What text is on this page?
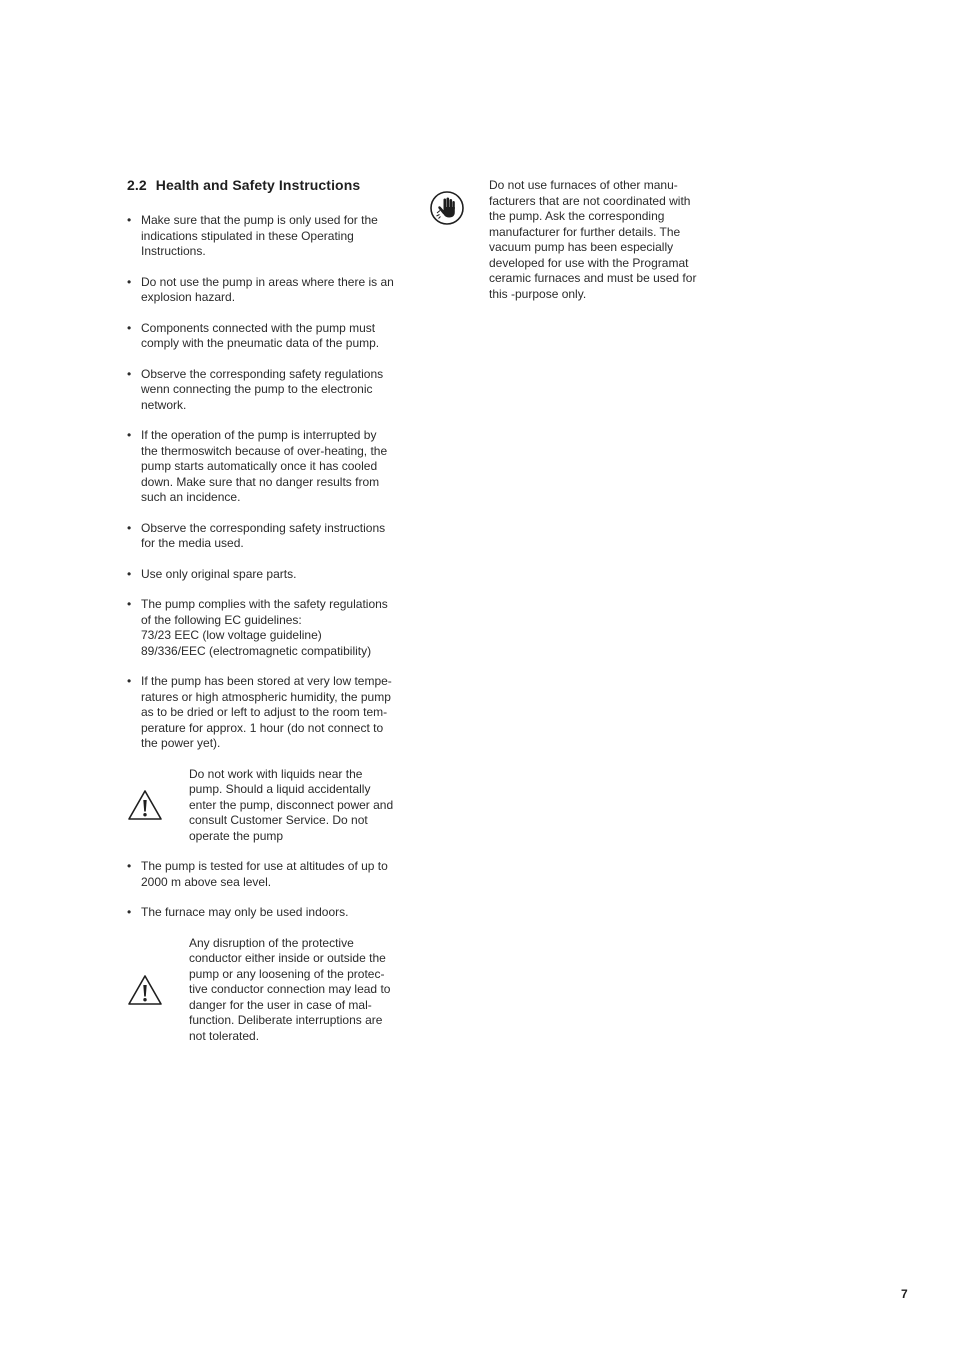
2.2 Health and Safety Instructions
• Make sure that the pump is only used for the
indications stipulated in these Operating
Instructions.
• Do not use the pump in areas where there is an
explosion hazard.
• Components connected with the pump must
comply with the pneumatic data of the pump.
• Observe the corresponding safety regulations
wenn connecting the pump to the electronic
network.
• If the operation of the pump is interrupted by
the thermoswitch because of over-heating, the
pump starts automatically once it has cooled
down. Make sure that no danger results from
such an incidence.
• Observe the corresponding safety instructions
for the media used.
• Use only original spare parts.
• The pump complies with the safety regulations
of the following EC guidelines:
73/23 EEC (low voltage guideline)
89/336/EEC (electromagnetic compatibility)
• If the pump has been stored at very low tempe-
ratures or high atmospheric humidity, the pump
as to be dried or left to adjust to the room tem-
perature for approx. 1 hour (do not connect to
the power yet).
Do not work with liquids near the
pump. Should a liquid accidentally
enter the pump, disconnect power and
consult Customer Service. Do not
operate the pump
• The pump is tested for use at altitudes of up to
2000 m above sea level.
• The furnace may only be used indoors.
Any disruption of the protective
conductor either inside or outside the
pump or any loosening of the protec-
tive conductor connection may lead to
danger for the user in case of mal-
function. Deliberate interruptions are
not tolerated.
Do not use furnaces of other manu-
facturers that are not coordinated with
the pump. Ask the corresponding
manufacturer for further details. The
vacuum pump has been especially
developed for use with the Programat
ceramic furnaces and must be used for
this -purpose only.
7
